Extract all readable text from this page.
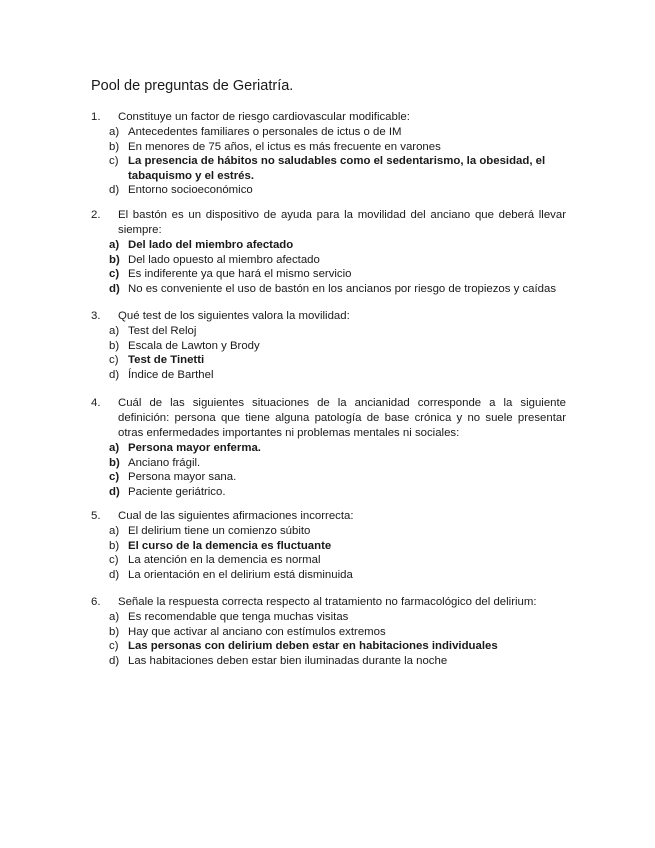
Pool de preguntas de Geriatría.
1. Constituye un factor de riesgo cardiovascular modificable:
a) Antecedentes familiares o personales de ictus o de IM
b) En menores de 75 años, el ictus es más frecuente en varones
c) La presencia de hábitos no saludables como el sedentarismo, la obesidad, el tabaquismo y el estrés.
d) Entorno socioeconómico
2. El bastón es un dispositivo de ayuda para la movilidad del anciano que deberá llevar siempre:
a) Del lado del miembro afectado
b) Del lado opuesto al miembro afectado
c) Es indiferente ya que hará el mismo servicio
d) No es conveniente el uso de bastón en los ancianos por riesgo de tropiezos y caídas
3. Qué test de los siguientes valora la movilidad:
a) Test del Reloj
b) Escala de Lawton y Brody
c) Test de Tinetti
d) Índice de Barthel
4. Cuál de las siguientes situaciones de la ancianidad corresponde a la siguiente definición: persona que tiene alguna patología de base crónica y no suele presentar otras enfermedades importantes ni problemas mentales ni sociales:
a) Persona mayor enferma.
b) Anciano frágil.
c) Persona mayor sana.
d) Paciente geriátrico.
5. Cual de las siguientes afirmaciones incorrecta:
a) El delirium tiene un comienzo súbito
b) El curso de la demencia es fluctuante
c) La atención en la demencia es normal
d) La orientación en el delirium está disminuida
6. Señale la respuesta correcta respecto al tratamiento no farmacológico del delirium:
a) Es recomendable que tenga muchas visitas
b) Hay que activar al anciano con estímulos extremos
c) Las personas con delirium deben estar en habitaciones individuales
d) Las habitaciones deben estar bien iluminadas durante la noche
